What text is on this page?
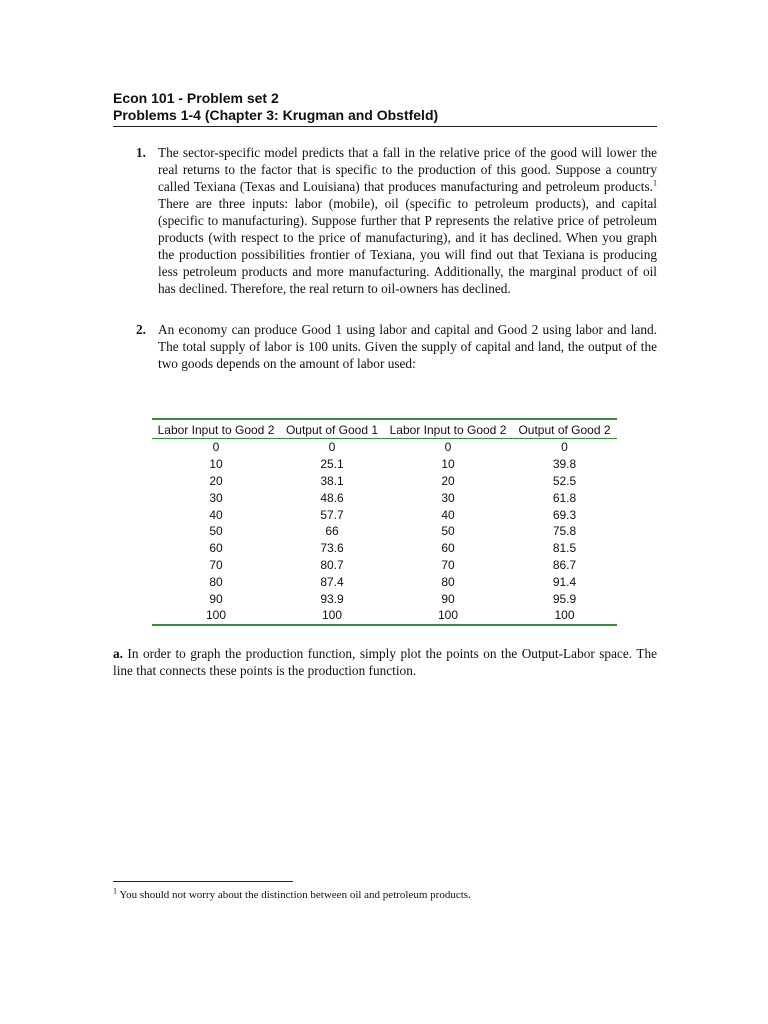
Econ 101 - Problem set 2
Problems 1-4 (Chapter 3: Krugman and Obstfeld)
1. The sector-specific model predicts that a fall in the relative price of the good will lower the real returns to the factor that is specific to the production of this good. Suppose a country called Texiana (Texas and Louisiana) that produces manufacturing and petroleum products.$^1$ There are three inputs: labor (mobile), oil (specific to petroleum products), and capital (specific to manufacturing). Suppose further that P represents the relative price of petroleum products (with respect to the price of manufacturing), and it has declined. When you graph the production possibilities frontier of Texiana, you will find out that Texiana is producing less petroleum products and more manufacturing. Additionally, the marginal product of oil has declined. Therefore, the real return to oil-owners has declined.
2. An economy can produce Good 1 using labor and capital and Good 2 using labor and land. The total supply of labor is 100 units. Given the supply of capital and land, the output of the two goods depends on the amount of labor used:

Labor Input to Good 2	Output of Good 1	Labor Input to Good 2	Output of Good 2
0	0	0	0
10	25.1	10	39.8
20	38.1	20	52.5
30	48.6	30	61.8
40	57.7	40	69.3
50	66	50	75.8
60	73.6	60	81.5
70	80.7	70	86.7
80	87.4	80	91.4
90	93.9	90	95.9
100	100	100	100
a. In order to graph the production function, simply plot the points on the Output-Labor space. The line that connects these points is the production function.
$^1$ You should not worry about the distinction between oil and petroleum products.
